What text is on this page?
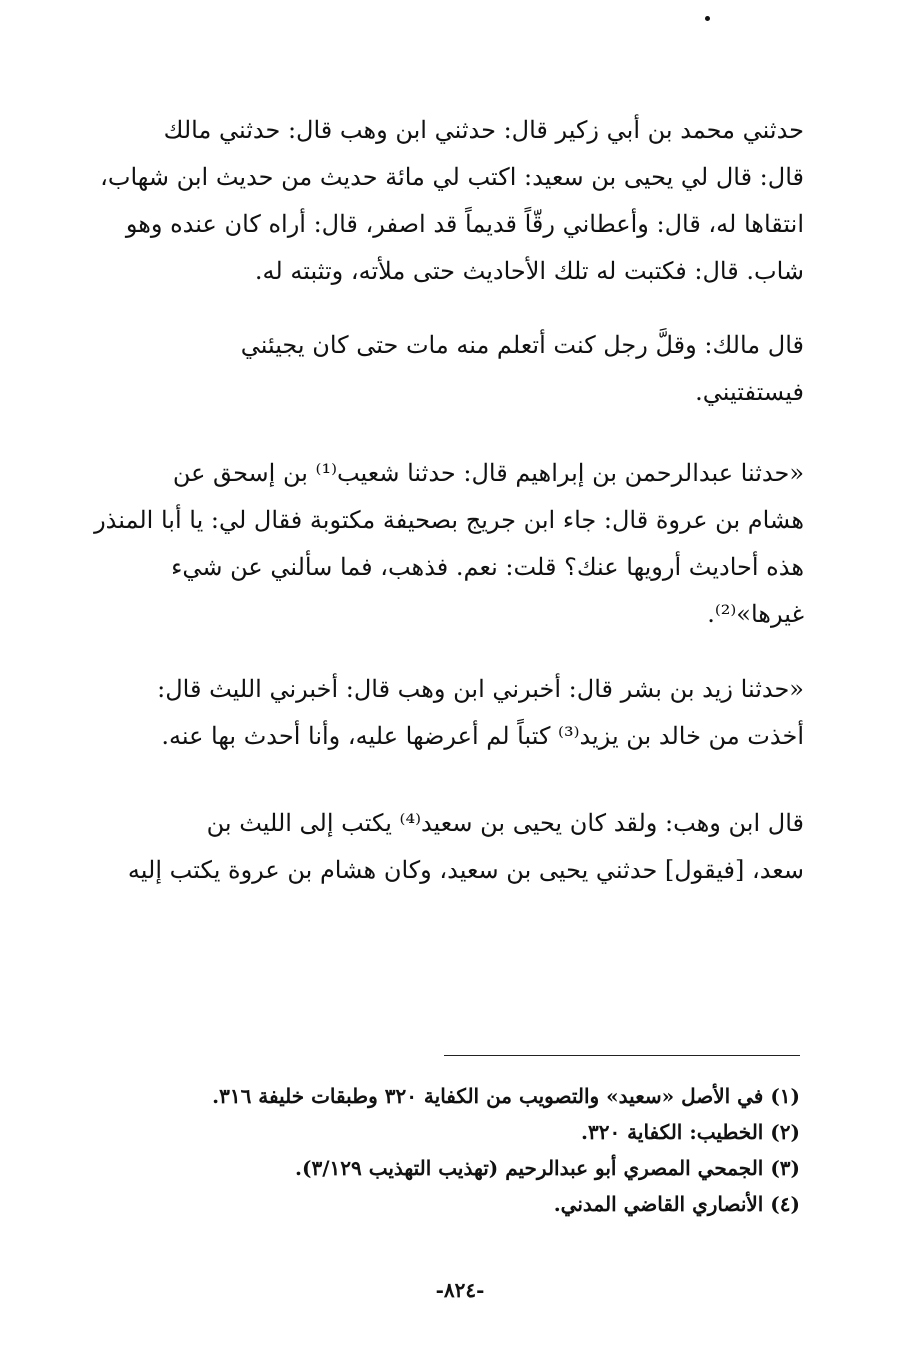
حدثني محمد بن أبي زكير قال: حدثني ابن وهب قال: حدثني مالك
قال: قال لي يحيى بن سعيد: اكتب لي مائة حديث من حديث ابن شهاب،
انتقاها له، قال: وأعطاني رقّاً قديماً قد اصفر، قال: أراه كان عنده وهو
شاب. قال: فكتبت له تلك الأحاديث حتى ملأته، وتثبته له.
قال مالك: وقلَّ رجل كنت أتعلم منه مات حتى كان يجيئني
فيستفتيني.
«حدثنا عبدالرحمن بن إبراهيم قال: حدثنا شعيب⁽¹⁾ بن إسحق عن
هشام بن عروة قال: جاء ابن جريج بصحيفة مكتوبة فقال لي: يا أبا المنذر
هذه أحاديث أرويها عنك؟ قلت: نعم. فذهب، فما سألني عن شيء
غيرها»⁽²⁾.
«حدثنا زيد بن بشر قال: أخبرني ابن وهب قال: أخبرني الليث قال:
أخذت من خالد بن يزيد⁽³⁾ كتباً لم أعرضها عليه، وأنا أحدث بها عنه.
قال ابن وهب: ولقد كان يحيى بن سعيد⁽⁴⁾ يكتب إلى الليث بن
سعد، [فيقول] حدثني يحيى بن سعيد، وكان هشام بن عروة يكتب إليه
(١) في الأصل «سعيد» والتصويب من الكفاية ٣٢٠ وطبقات خليفة ٣١٦.
(٢) الخطيب: الكفاية ٣٢٠.
(٣) الجمحي المصري أبو عبدالرحيم (تهذيب التهذيب ٣/١٢٩).
(٤) الأنصاري القاضي المدني.
-٨٢٤-
